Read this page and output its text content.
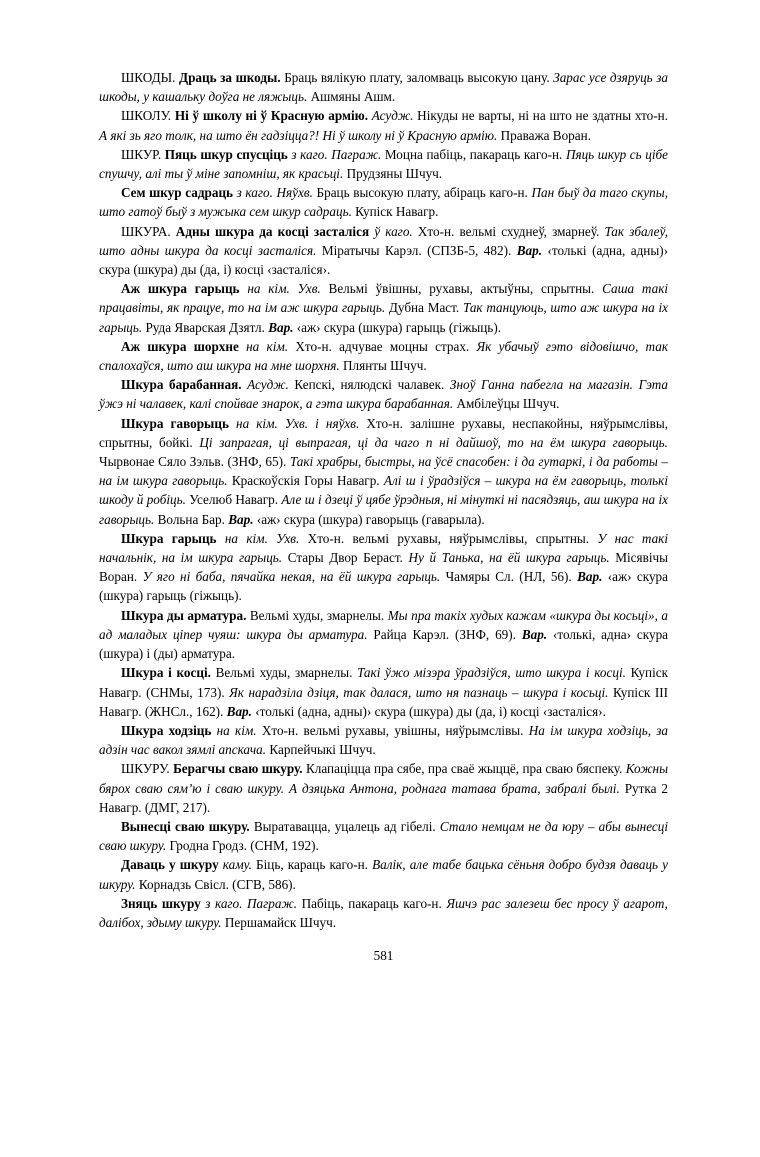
ШКОДЫ. Драць за шкоды. Браць вялікую плату, заломваць высокую цану. Зарас усе дзяруць за шкоды, у кашальку доўга не ляжыць. Ашмяны Ашм.

ШКОЛУ. Ні ў школу ні ў Красную армію. Асудж. Нікуды не варты, ні на што не здатны хто-н. А які зь яго толк, на што ён гадзіцца?! Ні ў школу ні ў Красную армію. Праважа Воран.

ШКУР. Пяць шкур спусціць з каго. Паграж. Моцна пабіць, пакараць каго-н. Пяць шкур сь цібе спушчу, алі ты ў міне запомніш, як красьці. Прудзяны Шчуч.

Сем шкур садраць з каго. Няўхв. Браць высокую плату, абіраць каго-н. Пан быў да таго скупы, што гатоў быў з мужыка сем шкур садраць. Купіск Навагр.

ШКУРА. Адны шкура да косці засталіся ў каго. Хто-н. вельмі схуднеў, змарнеў. Так збалеў, што адны шкура да косці засталіся. Міратычы Карэл. (СПЗБ-5, 482). Вар. ‹толькі (адна, адны)› скура (шкура) ды (да, і) косці ‹засталіся›.

Аж шкура гарыць на кім. Ухв. Вельмі ўвішны, рухавы, актыўны, спрытны. Саша такі працавіты, як працуе, то на ім аж шкура гарыць. Дубна Маст. Так танцуюць, што аж шкура на іх гарыць. Руда Яварская Дзятл. Вар. ‹аж› скура (шкура) гарыць (гіжыць).

Аж шкура шорхне на кім. Хто-н. адчувае моцны страх. Як убачыў гэто відовішчо, так спалохаўся, што аш шкура на мне шорхня. Плянты Шчуч.

Шкура барабанная. Асудж. Кепскі, нялюдскі чалавек. Зноў Ганна пабегла на магазін. Гэта ўжэ ні чалавек, калі спойвае знарок, а гэта шкура барабанная. Амбілеўцы Шчуч.

Шкура гаворыць на кім. Ухв. і няўхв. Хто-н. залішне рухавы, неспакойны, няўрымслівы, спрытны, бойкі. Ці запрагая, ці выпрагая, ці да чаго п ні дайшоў, то на ём шкура гаворыць. Чырвонае Сяло Зэльв. (ЗНФ, 65). Такі храбры, быстры, на ўсё спасобен: і да гутаркі, і да работы – на ім шкура гаворыць. Краскоўскія Горы Навагр. Алі ш і ўрадзіўся – шкура на ём гаворыць, толькі шкоду й робіць. Уселюб Навагр. Але ш і дзеці ў цябе ўрэдныя, ні мінуткі ні пасядзяць, аш шкура на іх гаворыць. Вольна Бар. Вар. ‹аж› скура (шкура) гаворыць (гаварыла).

Шкура гарыць на кім. Ухв. Хто-н. вельмі рухавы, няўрымслівы, спрытны. У нас такі начальнік, на ім шкура гарыць. Стары Двор Бераст. Ну й Танька, на ёй шкура гарыць. Місявічы Воран. У яго ні баба, пячайка некая, на ёй шкура гарыць. Чамяры Сл. (НЛ, 56). Вар. ‹аж› скура (шкура) гарыць (гіжыць).

Шкура ды арматура. Вельмі худы, змарнелы. Мы пра такіх худых кажам «шкура ды косьці», а ад маладых ціпер чуяш: шкура ды арматура. Райца Карэл. (ЗНФ, 69). Вар. ‹толькі, адна› скура (шкура) і (ды) арматура.

Шкура і косці. Вельмі худы, змарнелы. Такі ўжо мізэра ўрадзіўся, што шкура і косці. Купіск Навагр. (СНМы, 173). Як нарадзіла дзіця, так далася, што ня пазнаць – шкура і косьці. Купіск ІІІ Навагр. (ЖНСл., 162). Вар. ‹толькі (адна, адны)› скура (шкура) ды (да, і) косці ‹засталіся›.

Шкура ходзіць на кім. Хто-н. вельмі рухавы, увішны, няўрымслівы. На ім шкура ходзіць, за адзін час вакол зямлі апскача. Карпейчыкі Шчуч.

ШКУРУ. Берагчы сваю шкуру. Клапаціцца пра сябе, пра сваё жыццё, пра сваю бяспеку. Кожны бярох сваю сям’ю і сваю шкуру. А дзяцька Антона, роднага татава брата, забралі былі. Рутка 2 Навагр. (ДМГ, 217).

Вынесці сваю шкуру. Выратавацца, уцалець ад гібелі. Стало немцам не да юру – абы вынесці сваю шкуру. Гродна Гродз. (СНМ, 192).

Даваць у шкуру каму. Біць, караць каго-н. Валік, але табе бацька сёньня добро будзя даваць у шкуру. Корнадзь Свісл. (СГВ, 586).

Зняць шкуру з каго. Паграж. Пабіць, пакараць каго-н. Яшчэ рас залезеш бес просу ў агарот, далібох, здыму шкуру. Першамайск Шчуч.

581
